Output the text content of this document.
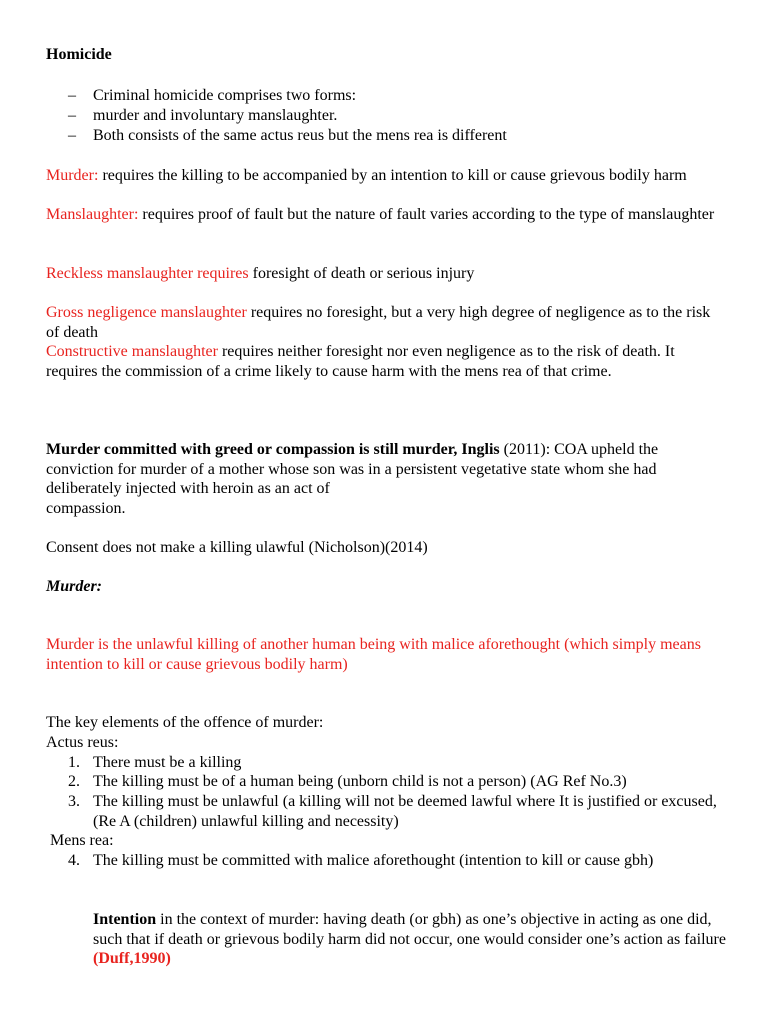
Homicide
–	Criminal homicide comprises two forms:
–	murder and involuntary manslaughter.
–	Both consists of the same actus reus but the mens rea is different

Murder: requires the killing to be accompanied by an intention to kill or cause grievous bodily harm

Manslaughter: requires proof of fault but the nature of fault varies according to the type of manslaughter

Reckless manslaughter requires foresight of death or serious injury

Gross negligence manslaughter requires no foresight, but a very high degree of negligence as to the risk of death

Constructive manslaughter requires neither foresight nor even negligence as to the risk of death. It requires the commission of a crime likely to cause harm with the mens rea of that crime.

Murder committed with greed or compassion is still murder, Inglis (2011): COA upheld the conviction for murder of a mother whose son was in a persistent vegetative state whom she had deliberately injected with heroin as an act of
compassion.

Consent does not make a killing ulawful (Nicholson)(2014)

Murder:

Murder is the unlawful killing of another human being with malice aforethought (which simply means intention to kill or cause grievous bodily harm)

The key elements of the offence of murder:

Actus reus:

1. There must be a killing
2. The killing must be of a human being (unborn child is not a person) (AG Ref No.3)
3. The killing must be unlawful (a killing will not be deemed lawful where It is justified or excused, (Re A (children) unlawful killing and necessity)

Mens rea:

4. The killing must be committed with malice aforethought (intention to kill or cause gbh)

Intention in the context of murder: having death (or gbh) as one’s objective in acting as one did, such that if death or grievous bodily harm did not occur, one would consider one’s action as failure (Duff,1990)
